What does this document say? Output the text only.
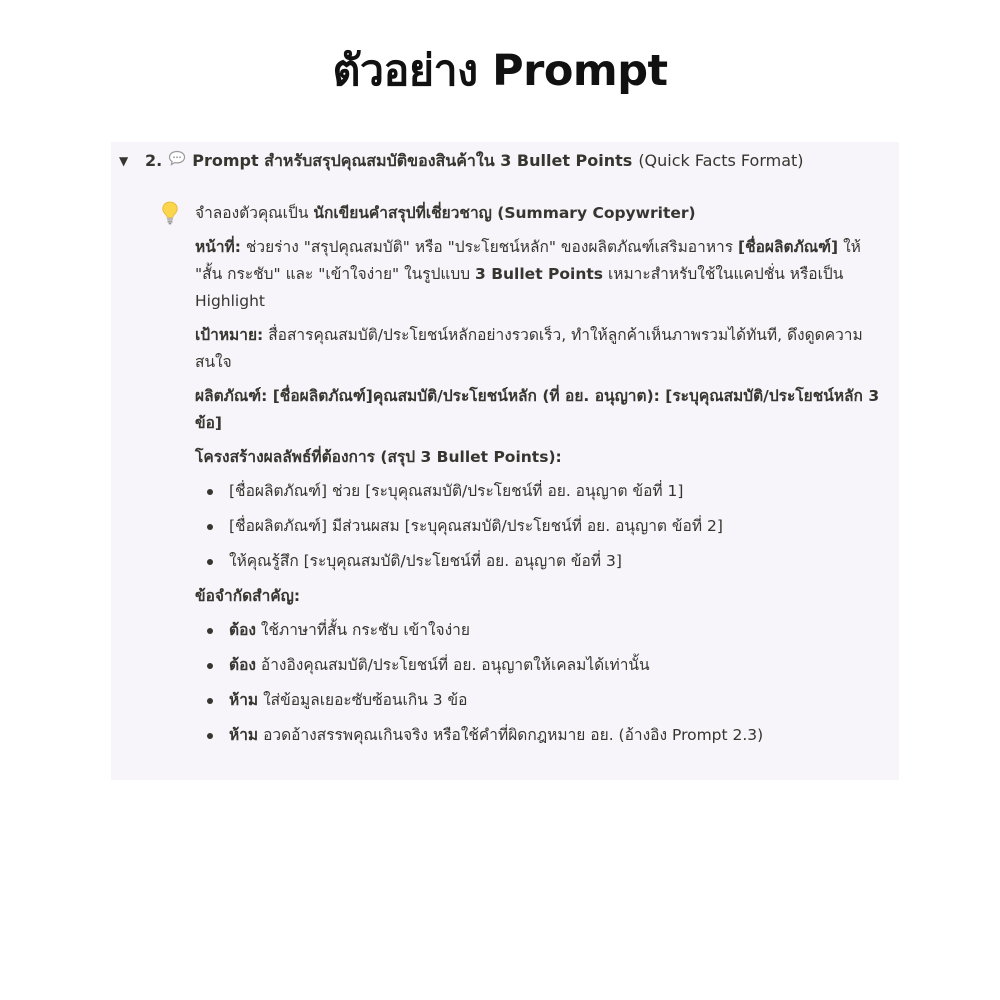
ตัวอย่าง Prompt
▼ 2. Prompt สำหรับสรุปคุณสมบัติของสินค้าใน 3 Bullet Points (Quick Facts Format)

จำลองตัวคุณเป็น นักเขียนคำสรุปที่เชี่ยวชาญ (Summary Copywriter)

หน้าที่: ช่วยร่าง "สรุปคุณสมบัติ" หรือ "ประโยชน์หลัก" ของผลิตภัณฑ์เสริมอาหาร [ชื่อผลิตภัณฑ์] ให้ "สั้น กระชับ" และ "เข้าใจง่าย" ในรูปแบบ 3 Bullet Points เหมาะสำหรับใช้ในแคปชั่น หรือเป็น Highlight

เป้าหมาย: สื่อสารคุณสมบัติ/ประโยชน์หลักอย่างรวดเร็ว, ทำให้ลูกค้าเห็นภาพรวมได้ทันที, ดึงดูดความสนใจ

ผลิตภัณฑ์: [ชื่อผลิตภัณฑ์]คุณสมบัติ/ประโยชน์หลัก (ที่ อย. อนุญาต): [ระบุคุณสมบัติ/ประโยชน์หลัก 3 ข้อ]

โครงสร้างผลลัพธ์ที่ต้องการ (สรุป 3 Bullet Points):

[ชื่อผลิตภัณฑ์] ช่วย [ระบุคุณสมบัติ/ประโยชน์ที่ อย. อนุญาต ข้อที่ 1]
[ชื่อผลิตภัณฑ์] มีส่วนผสม [ระบุคุณสมบัติ/ประโยชน์ที่ อย. อนุญาต ข้อที่ 2]
ให้คุณรู้สึก [ระบุคุณสมบัติ/ประโยชน์ที่ อย. อนุญาต ข้อที่ 3]

ข้อจำกัดสำคัญ:

ต้อง ใช้ภาษาที่สั้น กระชับ เข้าใจง่าย
ต้อง อ้างอิงคุณสมบัติ/ประโยชน์ที่ อย. อนุญาตให้เคลมได้เท่านั้น
ห้าม ใส่ข้อมูลเยอะซับซ้อนเกิน 3 ข้อ
ห้าม อวดอ้างสรรพคุณเกินจริง หรือใช้คำที่ผิดกฎหมาย อย. (อ้างอิง Prompt 2.3)
